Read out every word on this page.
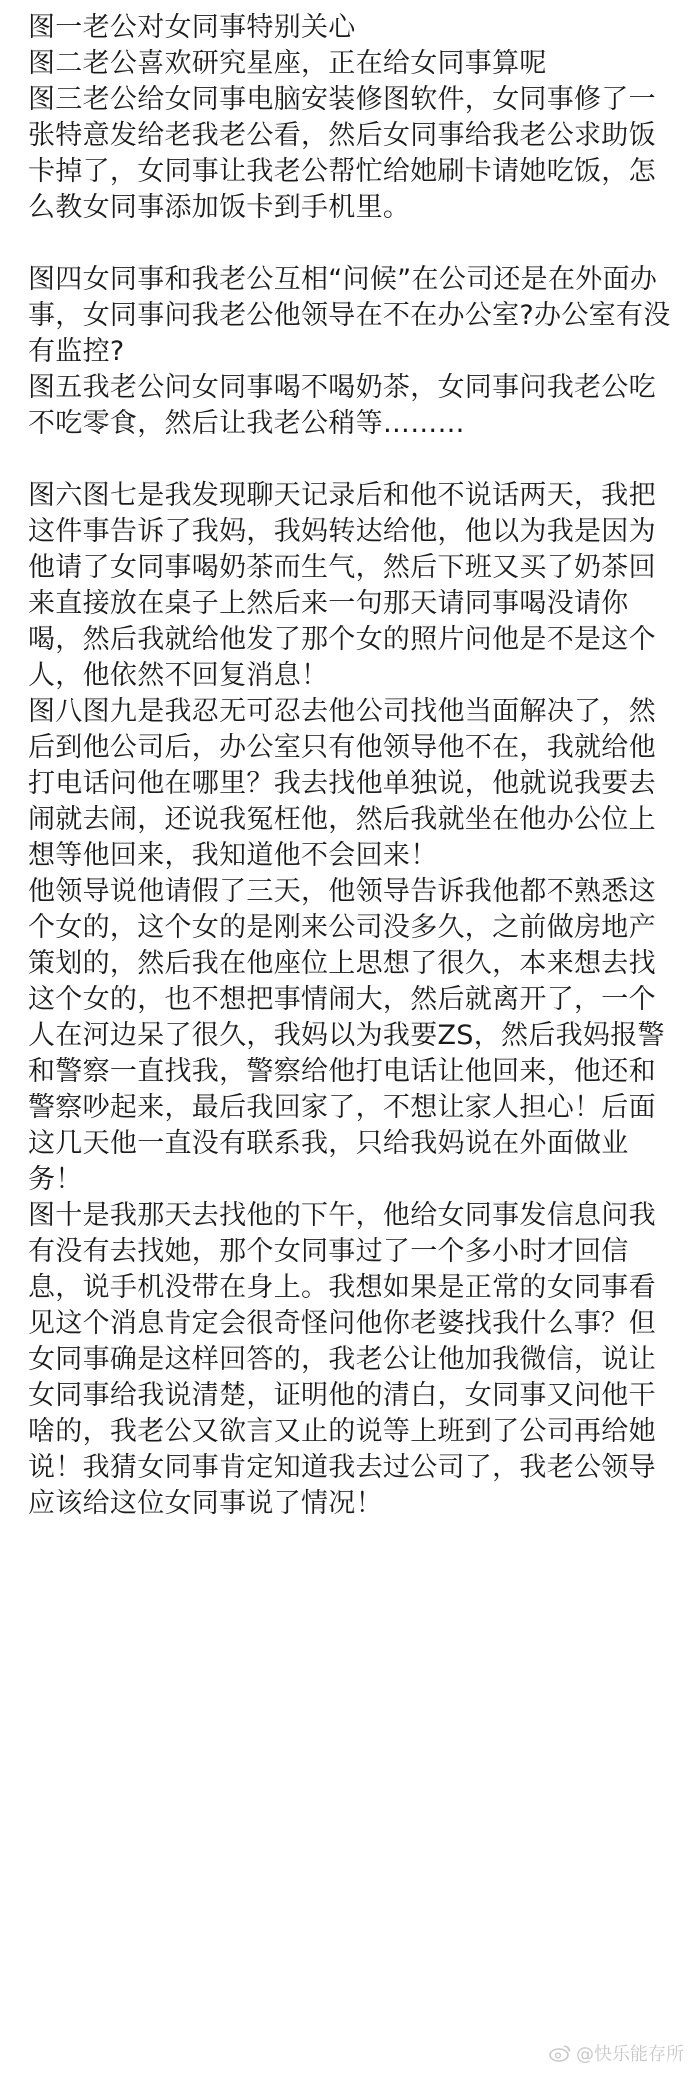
图一老公对女同事特别关心

图二老公喜欢研究星座，正在给女同事算呢

图三老公给女同事电脑安装修图软件，女同事修了一张特意发给老我老公看，然后女同事给我老公求助饭卡掉了，女同事让我老公帮忙给她刷卡请她吃饭，怎么教女同事添加饭卡到手机里。

图四女同事和我老公互相“问候”在公司还是在外面办事，女同事问我老公他领导在不在办公室?办公室有没有监控?

图五我老公问女同事喝不喝奶茶，女同事问我老公吃不吃零食，然后让我老公稍等………

图六图七是我发现聊天记录后和他不说话两天，我把这件事告诉了我妈，我妈转达给他，他以为我是因为他请了女同事喝奶茶而生气，然后下班又买了奶茶回来直接放在桌子上然后来一句那天请同事喝没请你喝，然后我就给他发了那个女的照片问他是不是这个人，他依然不回复消息！

图八图九是我忍无可忍去他公司找他当面解决了，然后到他公司后，办公室只有他领导他不在，我就给他打电话问他在哪里？我去找他单独说，他就说我要去闹就去闹，还说我冤枉他，然后我就坐在他办公位上想等他回来，我知道他不会回来！

他领导说他请假了三天，他领导告诉我他都不熟悉这个女的，这个女的是刚来公司没多久，之前做房地产策划的，然后我在他座位上思想了很久，本来想去找这个女的，也不想把事情闹大，然后就离开了，一个人在河边呆了很久，我妈以为我要ZS，然后我妈报警和警察一直找我，警察给他打电话让他回来，他还和警察吵起来，最后我回家了，不想让家人担心！后面这几天他一直没有联系我，只给我妈说在外面做业务！

图十是我那天去找他的下午，他给女同事发信息问我有没有去找她，那个女同事过了一个多小时才回信息，说手机没带在身上。我想如果是正常的女同事看见这个消息肯定会很奇怪问他你老婆找我什么事？但女同事确是这样回答的，我老公让他加我微信，说让女同事给我说清楚，证明他的清白，女同事又问他干啥的，我老公又欲言又止的说等上班到了公司再给她说！我猜女同事肯定知道我去过公司了，我老公领导应该给这位女同事说了情况！

@快乐能存所
